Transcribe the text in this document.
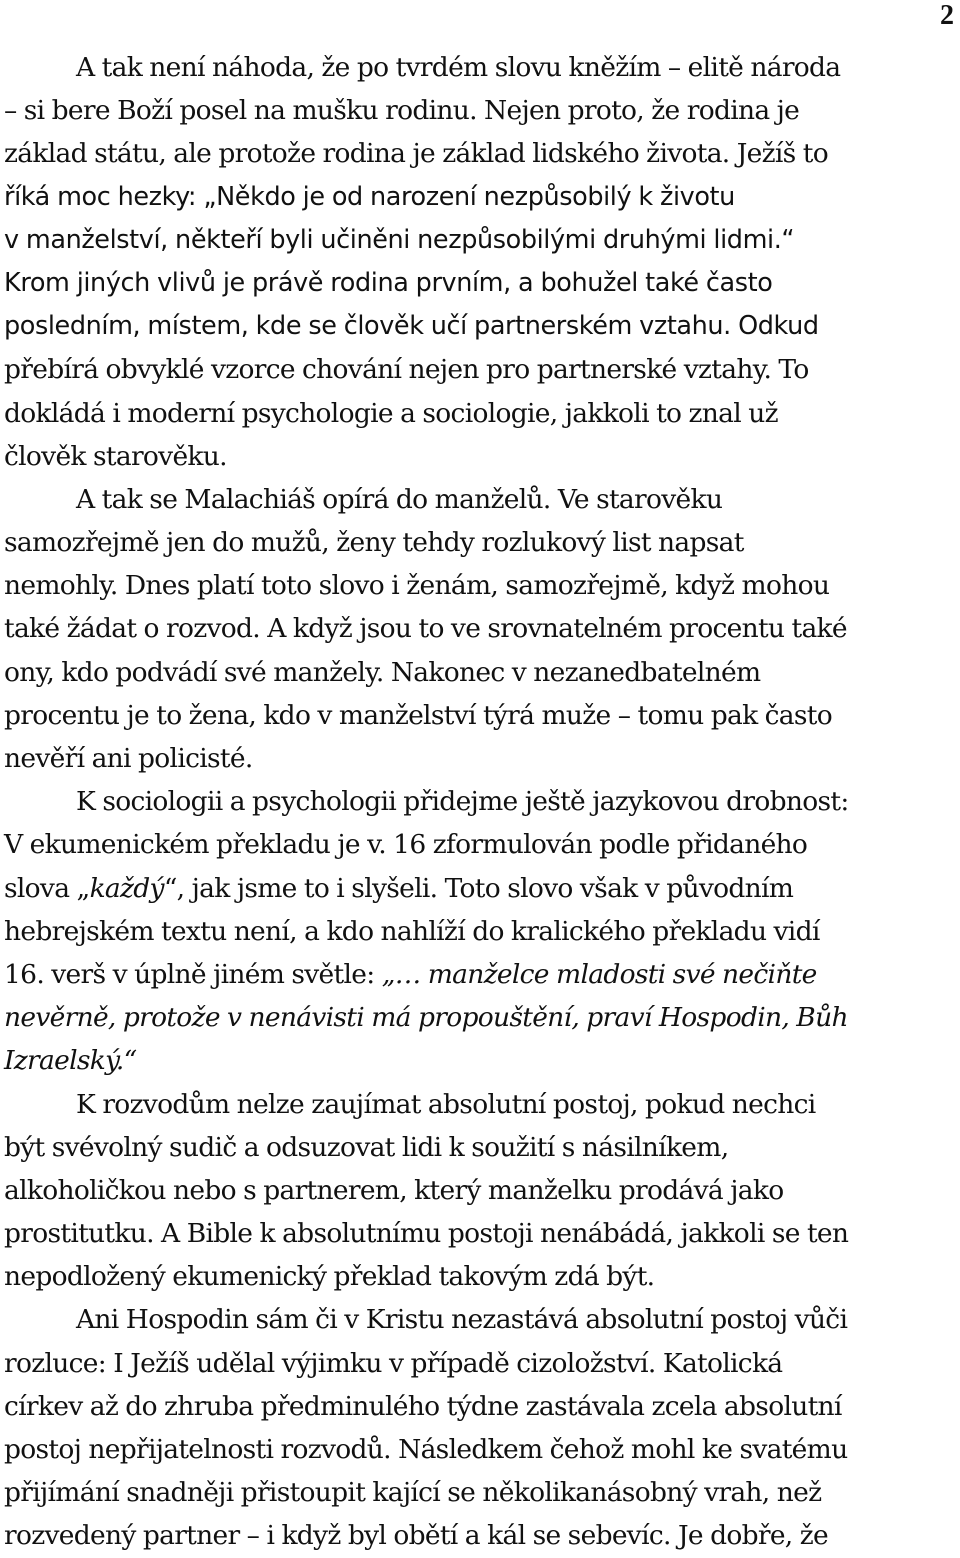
2
A tak není náhoda, že po tvrdém slovu kněžím – elitě národa
– si bere Boží posel na mušku rodinu. Nejen proto, že rodina je
základ státu, ale protože rodina je základ lidského života. Ježíš to
říká moc hezky: „Někdo je od narození nezpůsobilý k životu
v manželství, někteří byli učiněni nezpůsobilými druhými lidmi.“
Krom jiných vlivů je právě rodina prvním, a bohužel také často
posledním, místem, kde se člověk učí partnerském vztahu. Odkud
přebírá obvyklé vzorce chování nejen pro partnerské vztahy. To
dokládá i moderní psychologie a sociologie, jakkoli to znal už
člověk starověku.
A tak se Malachiáš opírá do manželů. Ve starověku
samozřejmě jen do mužů, ženy tehdy rozlukový list napsat
nemohly. Dnes platí toto slovo i ženám, samozřejmě, když mohou
také žádat o rozvod. A když jsou to ve srovnatelném procentu také
ony, kdo podvádí své manžely. Nakonec v nezanedbatelném
procentu je to žena, kdo v manželství týrá muže – tomu pak často
nevěří ani policisté.
K sociologii a psychologii přidejme ještě jazykovou drobnost:
V ekumenickém překladu je v. 16 zformulován podle přidaného
slova „každý“, jak jsme to i slyšeli. Toto slovo však v původním
hebrejském textu není, a kdo nahlíží do kralického překladu vidí
16. verš v úplně jiném světle: „… manželce mladosti své nečiňte
nevěrně, protože v nenávisti má propouštění, praví Hospodin, Bůh
Izraelský.“
K rozvodům nelze zaujímat absolutní postoj, pokud nechci
být svévolný sudič a odsuzovat lidi k soužití s násilníkem,
alkoholičkou nebo s partnerem, který manželku prodává jako
prostitutku. A Bible k absolutnímu postoji nenábádá, jakkoli se ten
nepodložený ekumenický překlad takovým zdá být.
Ani Hospodin sám či v Kristu nezastává absolutní postoj vůči
rozluce: I Ježíš udělal výjimku v případě cizoložství. Katolická
církev až do zhruba předminulého týdne zastávala zcela absolutní
postoj nepřijatelnosti rozvodů. Následkem čehož mohl ke svatému
přijímání snadněji přistoupit kající se několikanásobný vrah, než
rozvedený partner – i když byl obětí a kál se sebevíc. Je dobře, že
